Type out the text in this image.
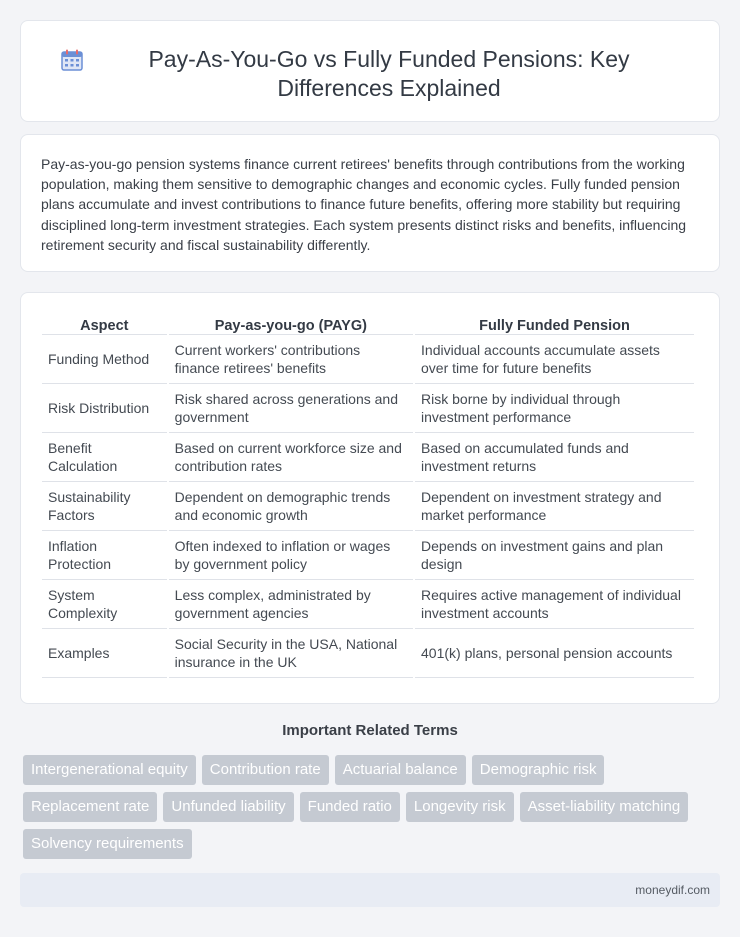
Pay-As-You-Go vs Fully Funded Pensions: Key Differences Explained

Pay-as-you-go pension systems finance current retirees' benefits through contributions from the working population, making them sensitive to demographic changes and economic cycles. Fully funded pension plans accumulate and invest contributions to finance future benefits, offering more stability but requiring disciplined long-term investment strategies. Each system presents distinct risks and benefits, influencing retirement security and fiscal sustainability differently.

Aspect	Pay-as-you-go (PAYG)	Fully Funded Pension
Funding Method	Current workers' contributions finance retirees' benefits	Individual accounts accumulate assets over time for future benefits
Risk Distribution	Risk shared across generations and government	Risk borne by individual through investment performance
Benefit Calculation	Based on current workforce size and contribution rates	Based on accumulated funds and investment returns
Sustainability Factors	Dependent on demographic trends and economic growth	Dependent on investment strategy and market performance
Inflation Protection	Often indexed to inflation or wages by government policy	Depends on investment gains and plan design
System Complexity	Less complex, administrated by government agencies	Requires active management of individual investment accounts
Examples	Social Security in the USA, National insurance in the UK	401(k) plans, personal pension accounts
Important Related Terms
Intergenerational equity	Contribution rate	Actuarial balance	Demographic risk
Replacement rate	Unfunded liability	Funded ratio	Longevity risk	Asset-liability matching
Solvency requirements
moneydif.com
